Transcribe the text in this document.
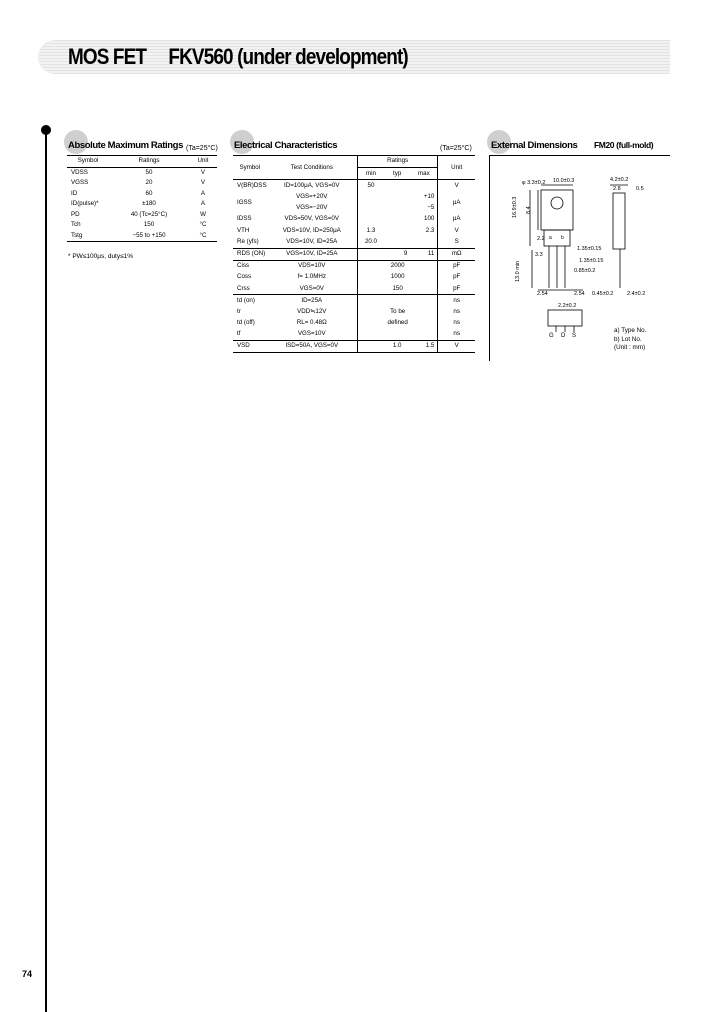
MOS FET FKV560 (under development)
74
Absolute Maximum Ratings (Ta=25°C)
Symbol	Ratings	Unit
VDSS	50	V
VGSS	20	V
ID	60	A
ID(pulse)*	±180	A
PD	40 (Tc=25°C)	W
Tch	150	°C
Tstg	−55 to +150	°C
* PW≤100μs, duty≤1%
Electrical Characteristics	(Ta=25°C)
Symbol	Test Conditions	Ratings			Unit
		min	typ	max	
V(BR)DSS	ID=100μA, VGS=0V	50			V
IGSS	VGS=+20V			+10	μA
	VGS=−20V			−5	
IDSS	VDS=50V, VGS=0V			100	μA
VTH	VDS=10V, ID=250μA	1.3		2.3	V
Re (yfs)	VDS=10V, ID=25A	20.0			S
RDS (ON)	VGS=10V, ID=25A		9	11	mΩ
Ciss	VDS=10V	2000			pF
Coss	f= 1.0MHz	1000			pF
Crss	VGS=0V	150			pF
td (on)	ID=25A				ns
tr	VDD≒12V	To be			ns
td (off)	RL= 0.48Ω	defined			ns
tf	VGS=10V				ns
VSD	ISD=50A, VGS=0V		1.0	1.5	V
External Dimensions FM20 (full-mold)
a b
φ 3.3±0.2 10.0±0.3	4.2±0.2
2.8	0.5
16.9±0.3 8.4
2.2
3.3
13.0 min
1.35±0.15
1.35±0.15
0.85±0.2
2.54	2.54 0.45±0.2 2.4±0.2
2.2±0.2
G D S
a) Type No.
b) Lot No.
(Unit : mm)
